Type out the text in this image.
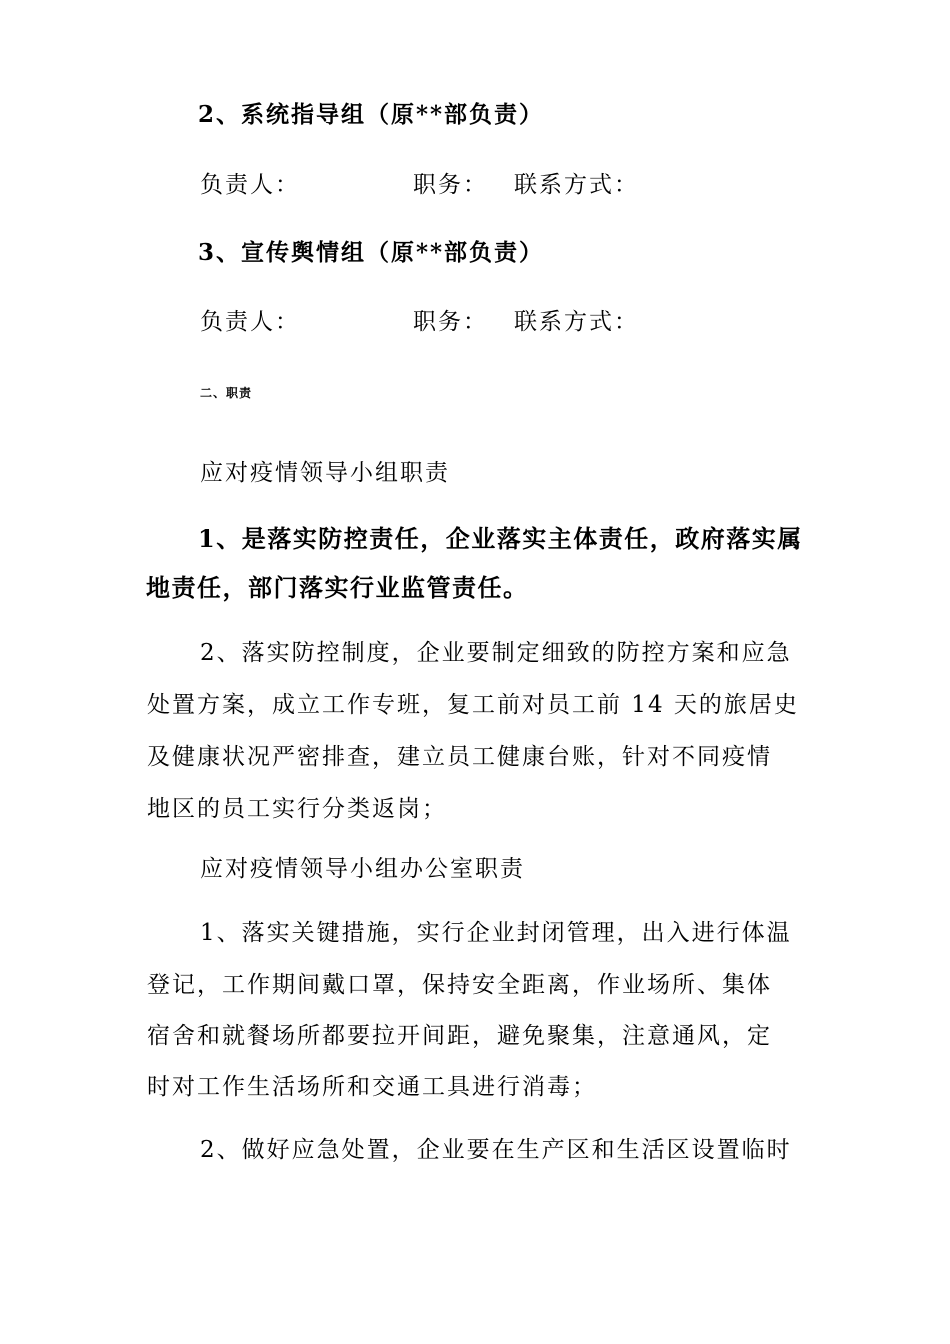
2、系统指导组（原**部负责）

负责人：	职务： 联系方式：

3、宣传舆情组（原**部负责）

负责人：	职务： 联系方式：

二、职责

应对疫情领导小组职责

1、是落实防控责任，企业落实主体责任，政府落实属

地责任，部门落实行业监管责任。

2、落实防控制度，企业要制定细致的防控方案和应急

处置方案，成立工作专班，复工前对员工前 14 天的旅居史

及健康状况严密排查，建立员工健康台账，针对不同疫情

地区的员工实行分类返岗；

应对疫情领导小组办公室职责

1、落实关键措施，实行企业封闭管理，出入进行体温

登记，工作期间戴口罩，保持安全距离，作业场所、集体

宿舍和就餐场所都要拉开间距，避免聚集，注意通风，定

时对工作生活场所和交通工具进行消毒；

2、做好应急处置，企业要在生产区和生活区设置临时
